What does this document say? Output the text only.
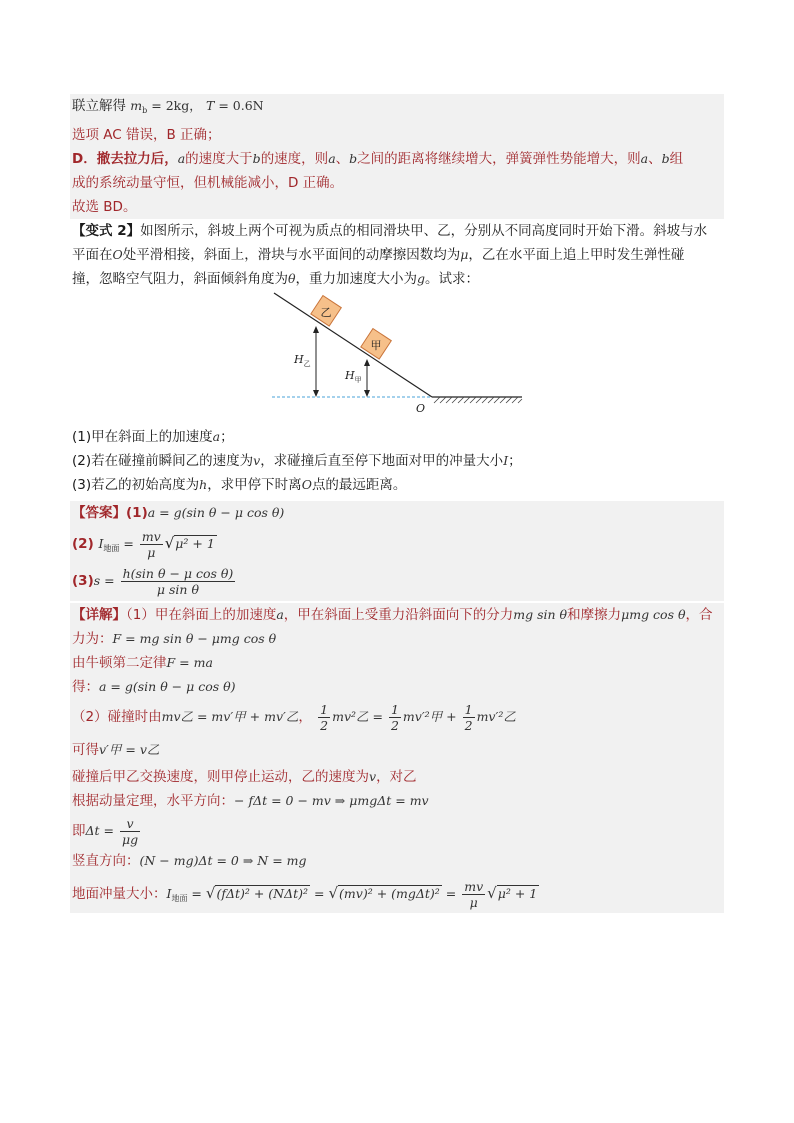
联立解得 $m_b = 2kg$， T = 0.6N
选项 AC 错误，B 正确；
D．撤去拉力后，a的速度大于b的速度，则a、b之间的距离将继续增大，弹簧弹性势能增大，则a、b组
成的系统动量守恒，但机械能减小，D 正确。
故选 BD。
【变式 2】如图所示，斜坡上两个可视为质点的相同滑块甲、乙，分别从不同高度同时开始下滑。斜坡与水
平面在O处平滑相接，斜面上，滑块与水平面间的动摩擦因数均为μ，乙在水平面上追上甲时发生弹性碰
撞，忽略空气阻力，斜面倾斜角度为θ，重力加速度大小为g。试求：
乙
甲
$H_乙$
$H_甲$
O
(1)甲在斜面上的加速度a；
(2)若在碰撞前瞬间乙的速度为v，求碰撞后直至停下地面对甲的冲量大小I；
(3)若乙的初始高度为h，求甲停下时离O点的最远距离。
【答案】(1)a = g(sin θ − μ cos θ)
(2) $I_{地面} = \frac{mv}{\mu} √\mu^2 + 1$
$(3)s = \frac{\text{h(sin θ − μ cos θ)}}{\text{μ sin θ}}$
【详解】（1）甲在斜面上的加速度a，甲在斜面上受重力沿斜面向下的分力mg sin θ和摩擦力μmg cos θ，合
力为：F = mg sin θ − μmg cos θ
由牛顿第二定律F = ma
得：a = g(sin θ − μ cos θ)
（2）碰撞时由mv乙 = mv′甲 + mv′乙， $\frac{1}{2} mv^2$乙 = $\frac{1}{2} mv'^2$甲 + $\frac{1}{2} mv'^2$乙
可得v′甲 = v乙
碰撞后甲乙交换速度，则甲停止运动，乙的速度为v，对乙
根据动量定理，水平方向：− fΔt = 0 − mv ⇒ μmgΔt = mv
即$\Delta t = \frac{v}{\mu g}$
竖直方向：(N − mg)Δt = 0 ⇒ N = mg
地面冲量大小：$I_{地面} = √(f\Delta t)^2 + (N\Delta t)^2 = √(mv)^2 + (mg\Delta t)^2 = \frac{mv}{\mu} √\mu^2 + 1$
